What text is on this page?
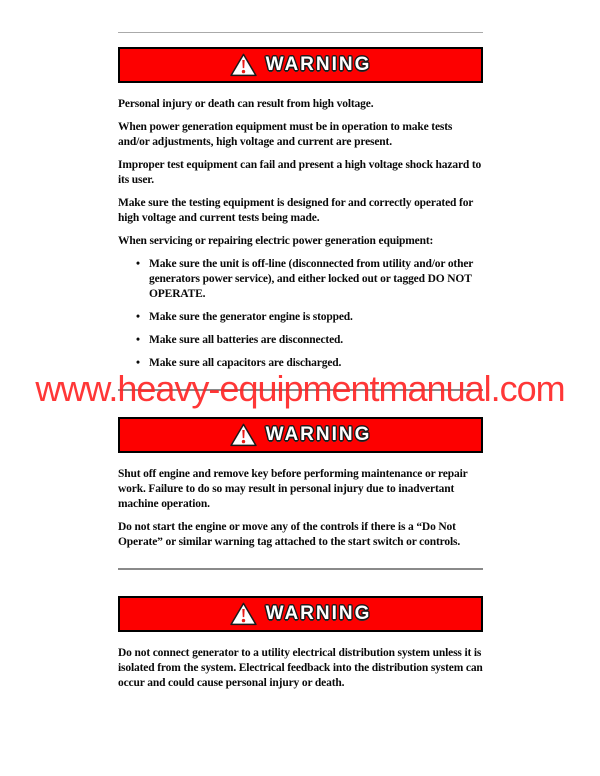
WARNING

Personal injury or death can result from high voltage.

When power generation equipment must be in operation to make tests and/or adjustments, high voltage and current are present.

Improper test equipment can fail and present a high voltage shock hazard to its user.

Make sure the testing equipment is designed for and correctly operated for high voltage and current tests being made.

When servicing or repairing electric power generation equipment:

• Make sure the unit is off-line (disconnected from utility and/or other generators power service), and either locked out or tagged DO NOT OPERATE.
• Make sure the generator engine is stopped.
• Make sure all batteries are disconnected.
• Make sure all capacitors are discharged.
WARNING

Shut off engine and remove key before performing maintenance or repair work. Failure to do so may result in personal injury due to inadvertant machine operation.

Do not start the engine or move any of the controls if there is a “Do Not Operate” or similar warning tag attached to the start switch or controls.

WARNING

Do not connect generator to a utility electrical distribution system unless it is isolated from the system. Electrical feedback into the distribution system can occur and could cause personal injury or death.

www.heavy-equipmentmanual.com
